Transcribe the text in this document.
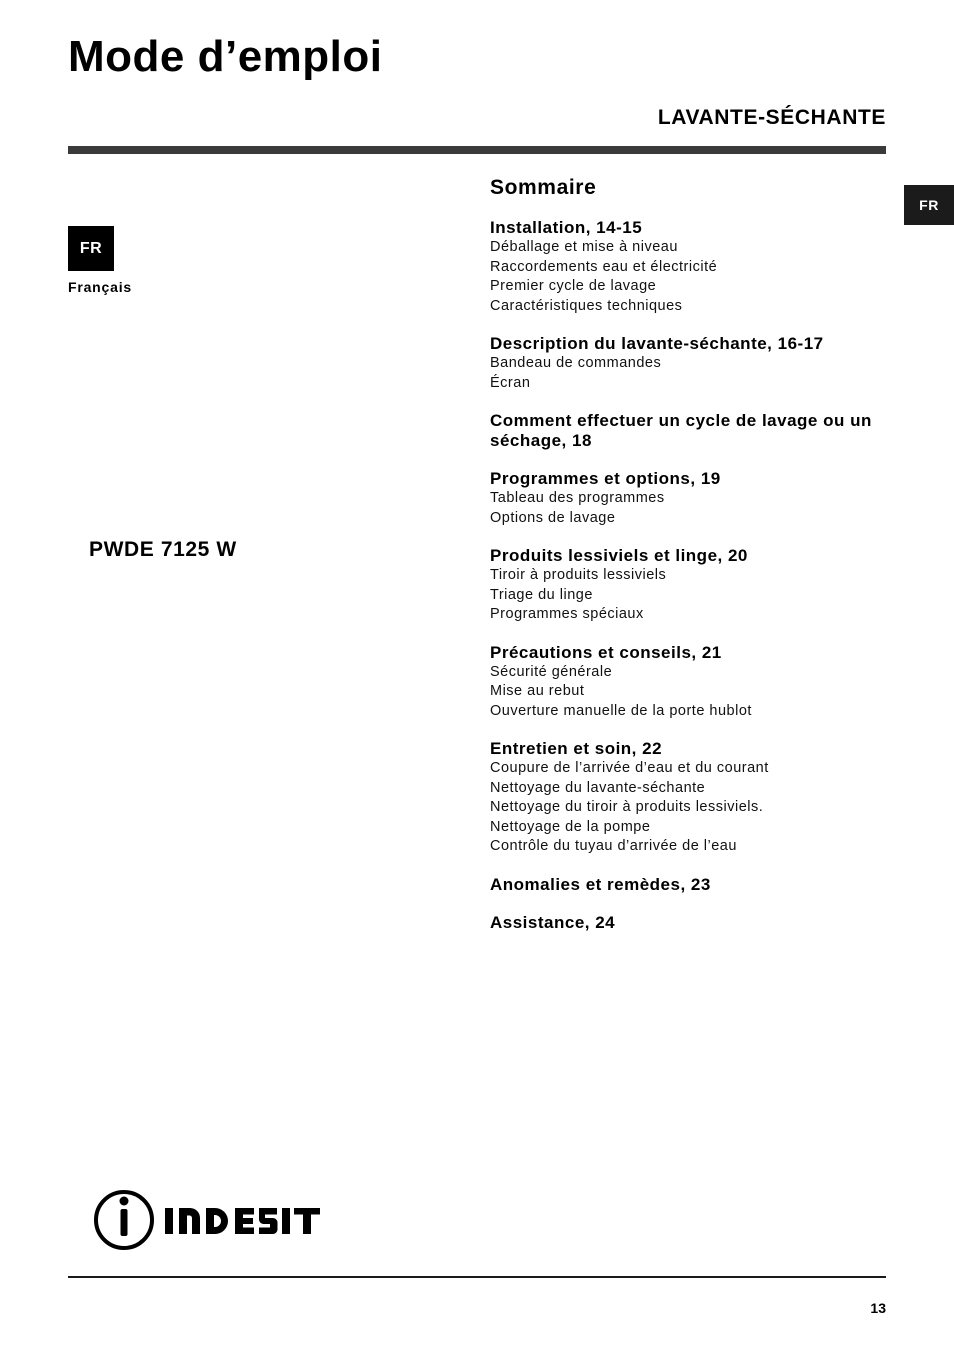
Mode d’emploi
LAVANTE-SÉCHANTE
FR
FR
Français
PWDE 7125 W
Sommaire
Installation, 14-15
Déballage et mise à niveau
Raccordements eau et électricité
Premier cycle de lavage
Caractéristiques techniques
Description du lavante-séchante, 16-17
Bandeau de commandes
Écran
Comment effectuer un cycle de lavage ou un séchage, 18
Programmes et options, 19
Tableau des programmes
Options de lavage
Produits lessiviels et linge, 20
Tiroir à produits lessiviels
Triage du linge
Programmes spéciaux
Précautions et conseils, 21
Sécurité générale
Mise au rebut
Ouverture manuelle de la porte hublot
Entretien et soin, 22
Coupure de l’arrivée d’eau et du courant
Nettoyage du lavante-séchante
Nettoyage du tiroir à produits lessiviels.
Nettoyage de la pompe
Contrôle du tuyau d’arrivée de l’eau
Anomalies et remèdes, 23
Assistance, 24
13
